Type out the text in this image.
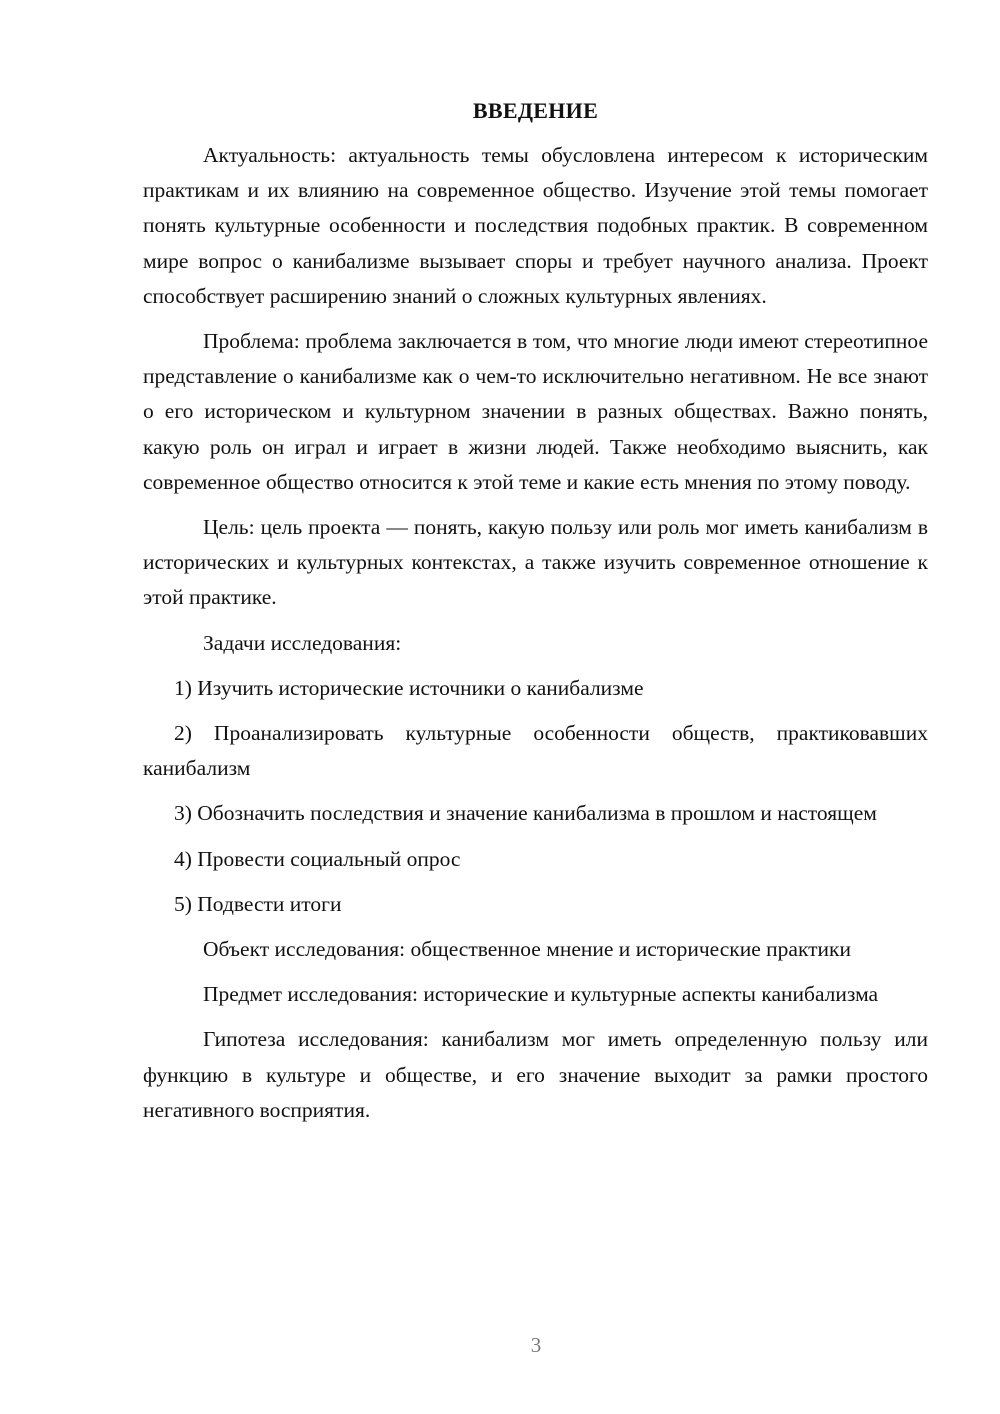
ВВЕДЕНИЕ

Актуальность: актуальность темы обусловлена интересом к историческим практикам и их влиянию на современное общество. Изучение этой темы помогает понять культурные особенности и последствия подобных практик. В современном мире вопрос о канибализме вызывает споры и требует научного анализа. Проект способствует расширению знаний о сложных культурных явлениях.

Проблема: проблема заключается в том, что многие люди имеют стереотипное представление о канибализме как о чем-то исключительно негативном. Не все знают о его историческом и культурном значении в разных обществах. Важно понять, какую роль он играл и играет в жизни людей. Также необходимо выяснить, как современное общество относится к этой теме и какие есть мнения по этому поводу.

Цель: цель проекта — понять, какую пользу или роль мог иметь канибализм в исторических и культурных контекстах, а также изучить современное отношение к этой практике.

Задачи исследования:

1) Изучить исторические источники о канибализме

2) Проанализировать культурные особенности обществ, практиковавших канибализм

3) Обозначить последствия и значение канибализма в прошлом и настоящем

4) Провести социальный опрос

5) Подвести итоги

Объект исследования: общественное мнение и исторические практики

Предмет исследования: исторические и культурные аспекты канибализма

Гипотеза исследования: канибализм мог иметь определенную пользу или функцию в культуре и обществе, и его значение выходит за рамки простого негативного восприятия.

3
